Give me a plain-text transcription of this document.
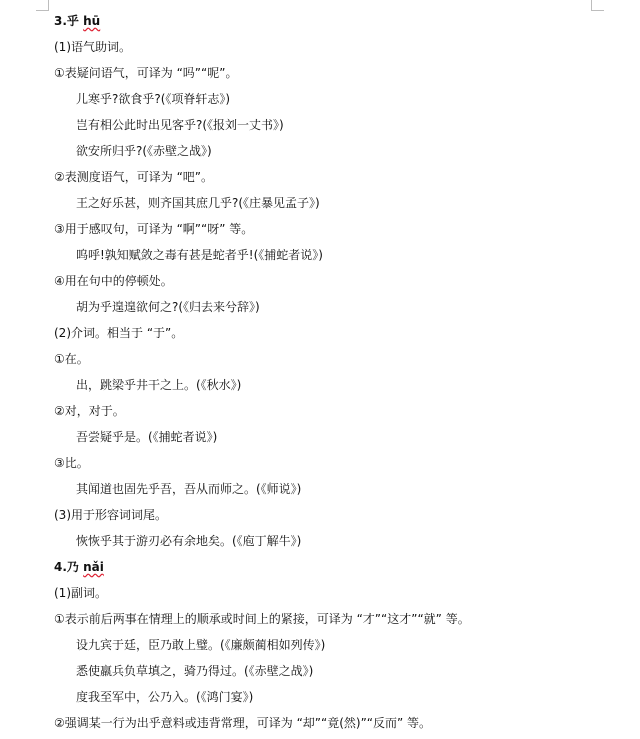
3.乎 hū
(1)语气助词。
①表疑问语气，可译为 “吗”“呢”。
儿寒乎?欲食乎?(《项脊轩志》)
岂有相公此时出见客乎?(《报刘一丈书》)
欲安所归乎?(《赤壁之战》)
②表测度语气，可译为 “吧”。
王之好乐甚，则齐国其庶几乎?(《庄暴见孟子》)
③用于感叹句，可译为 “啊”“呀” 等。
呜呼!孰知赋敛之毒有甚是蛇者乎!(《捕蛇者说》)
④用在句中的停顿处。
胡为乎遑遑欲何之?(《归去来兮辞》)
(2)介词。相当于 “于”。
①在。
出，跳梁乎井干之上。(《秋水》)
②对，对于。
吾尝疑乎是。(《捕蛇者说》)
③比。
其闻道也固先乎吾，吾从而师之。(《师说》)
(3)用于形容词词尾。
恢恢乎其于游刃必有余地矣。(《庖丁解牛》)
4.乃 nǎi
(1)副词。
①表示前后两事在情理上的顺承或时间上的紧接，可译为 “才”“这才”“就” 等。
设九宾于廷，臣乃敢上璧。(《廉颇蔺相如列传》)
悉使羸兵负草填之，骑乃得过。(《赤壁之战》)
度我至军中，公乃入。(《鸿门宴》)
②强调某一行为出乎意料或违背常理，可译为 “却”“竟(然)”“反而” 等。
